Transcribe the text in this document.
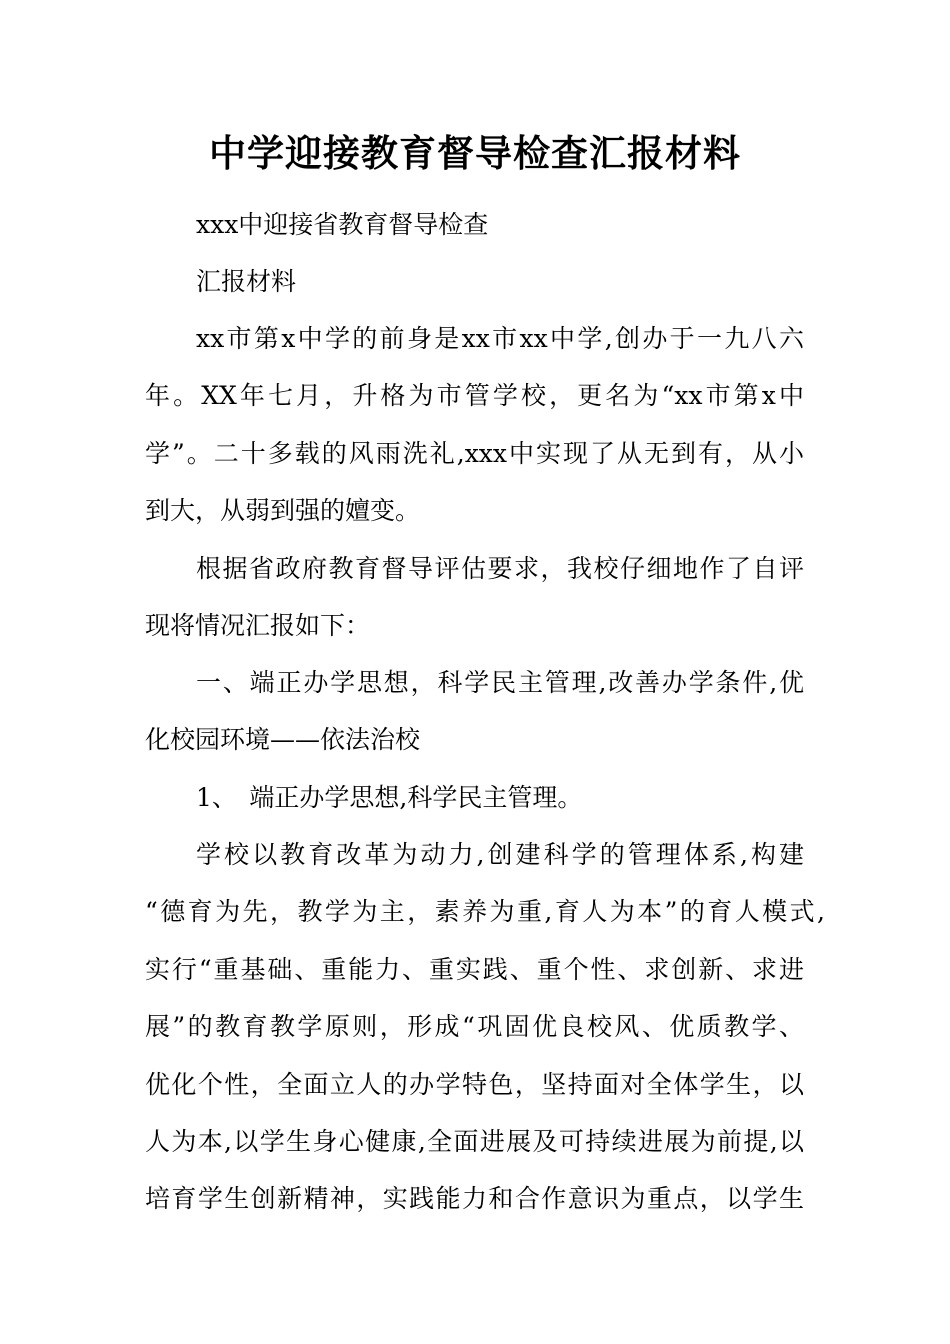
中学迎接教育督导检查汇报材料
xxx中迎接省教育督导检查
汇报材料
xx市第x中学的前身是xx市xx中学,创办于一九八六
年。XX年七月，升格为市管学校，更名为“xx市第x中
学”。二十多载的风雨洗礼,xxx中实现了从无到有，从小
到大，从弱到强的嬗变。
根据省政府教育督导评估要求，我校仔细地作了自评
现将情况汇报如下：
一、端正办学思想，科学民主管理,改善办学条件,优
化校园环境——依法治校
1、　端正办学思想,科学民主管理。
学校以教育改革为动力,创建科学的管理体系,构建
“德育为先，教学为主，素养为重,育人为本”的育人模式,
实行“重基础、重能力、重实践、重个性、求创新、求进
展”的教育教学原则，形成“巩固优良校风、优质教学、
优化个性，全面立人的办学特色，坚持面对全体学生，以
人为本,以学生身心健康,全面进展及可持续进展为前提,以
培育学生创新精神，实践能力和合作意识为重点，以学生
